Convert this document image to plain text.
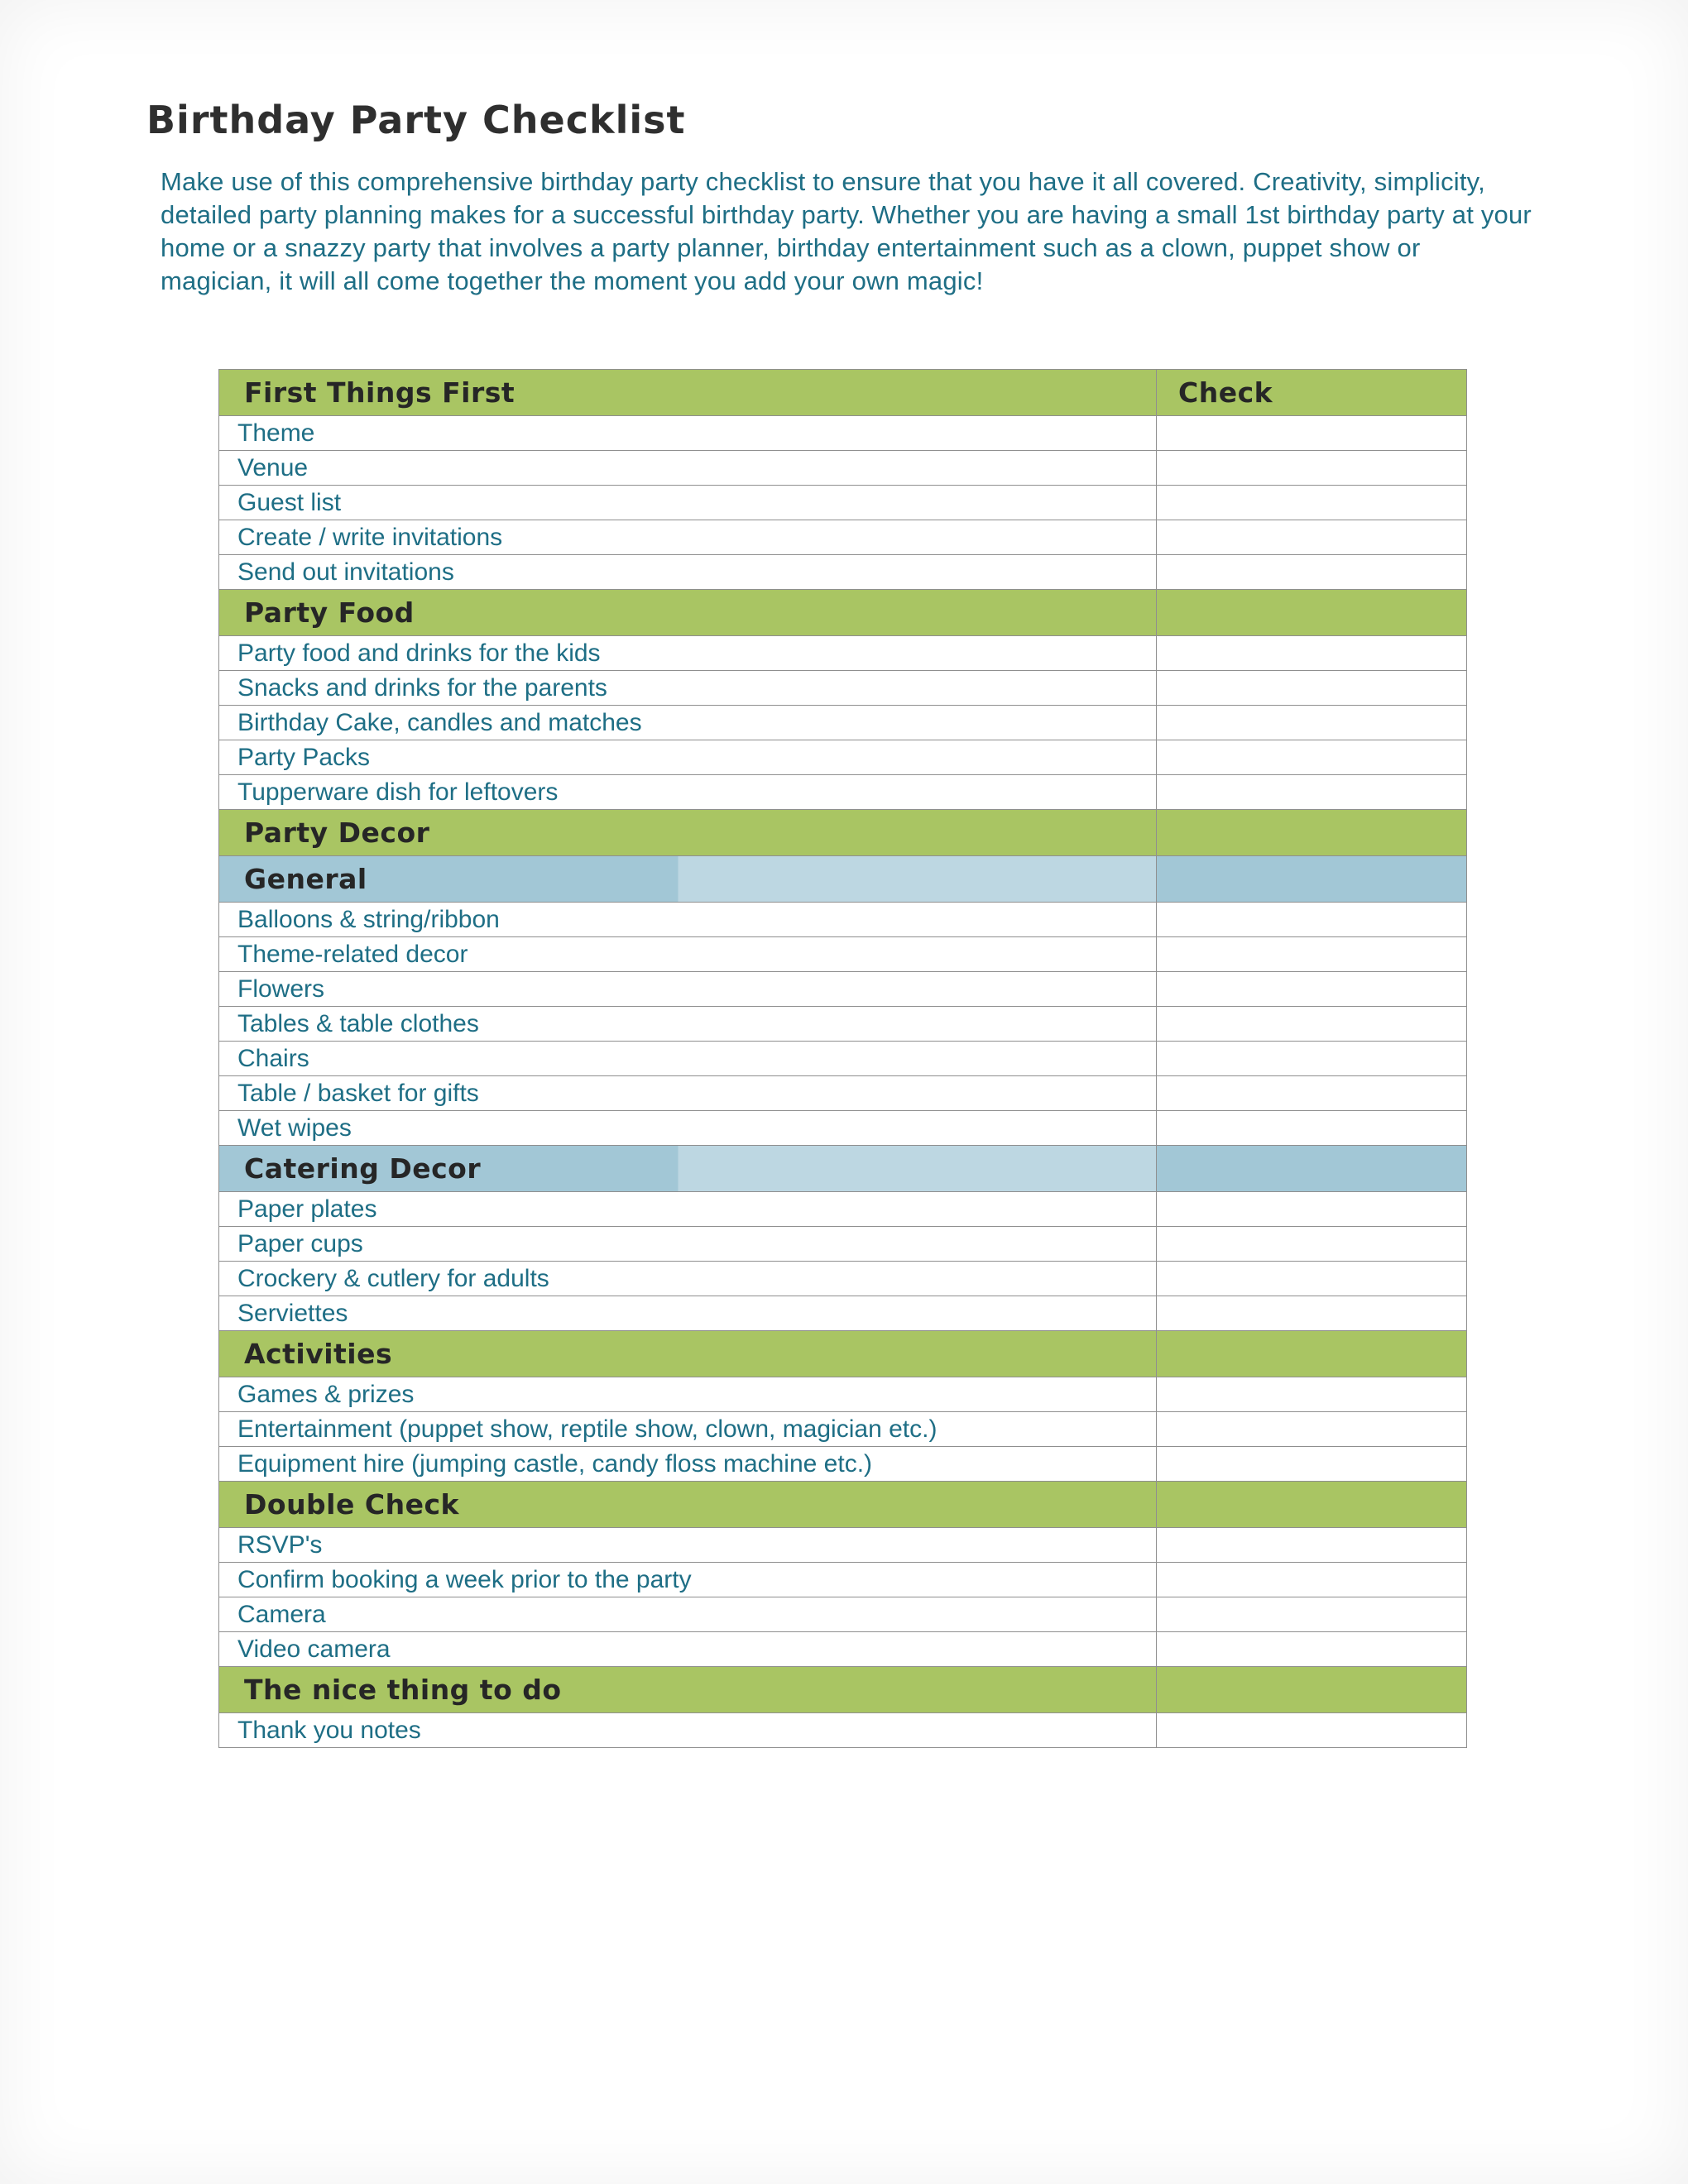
Birthday Party Checklist
Make use of this comprehensive birthday party checklist to ensure that you have it all covered. Creativity, simplicity, detailed party planning makes for a successful birthday party. Whether you are having a small 1st birthday party at your home or a snazzy party that involves a party planner, birthday entertainment such as a clown, puppet show or magician, it will all come together the moment you add your own magic!
First Things First	Check
Theme
Venue
Guest list
Create / write invitations
Send out invitations
Party Food
Party food and drinks for the kids
Snacks and drinks for the parents
Birthday Cake, candles and matches
Party Packs
Tupperware dish for leftovers
Party Decor
General
Balloons & string/ribbon
Theme-related decor
Flowers
Tables & table clothes
Chairs
Table / basket for gifts
Wet wipes
Catering Decor
Paper plates
Paper cups
Crockery & cutlery for adults
Serviettes
Activities
Games & prizes
Entertainment (puppet show, reptile show, clown, magician etc.)
Equipment hire (jumping castle, candy floss machine etc.)
Double Check
RSVP's
Confirm booking a week prior to the party
Camera
Video camera
The nice thing to do
Thank you notes
